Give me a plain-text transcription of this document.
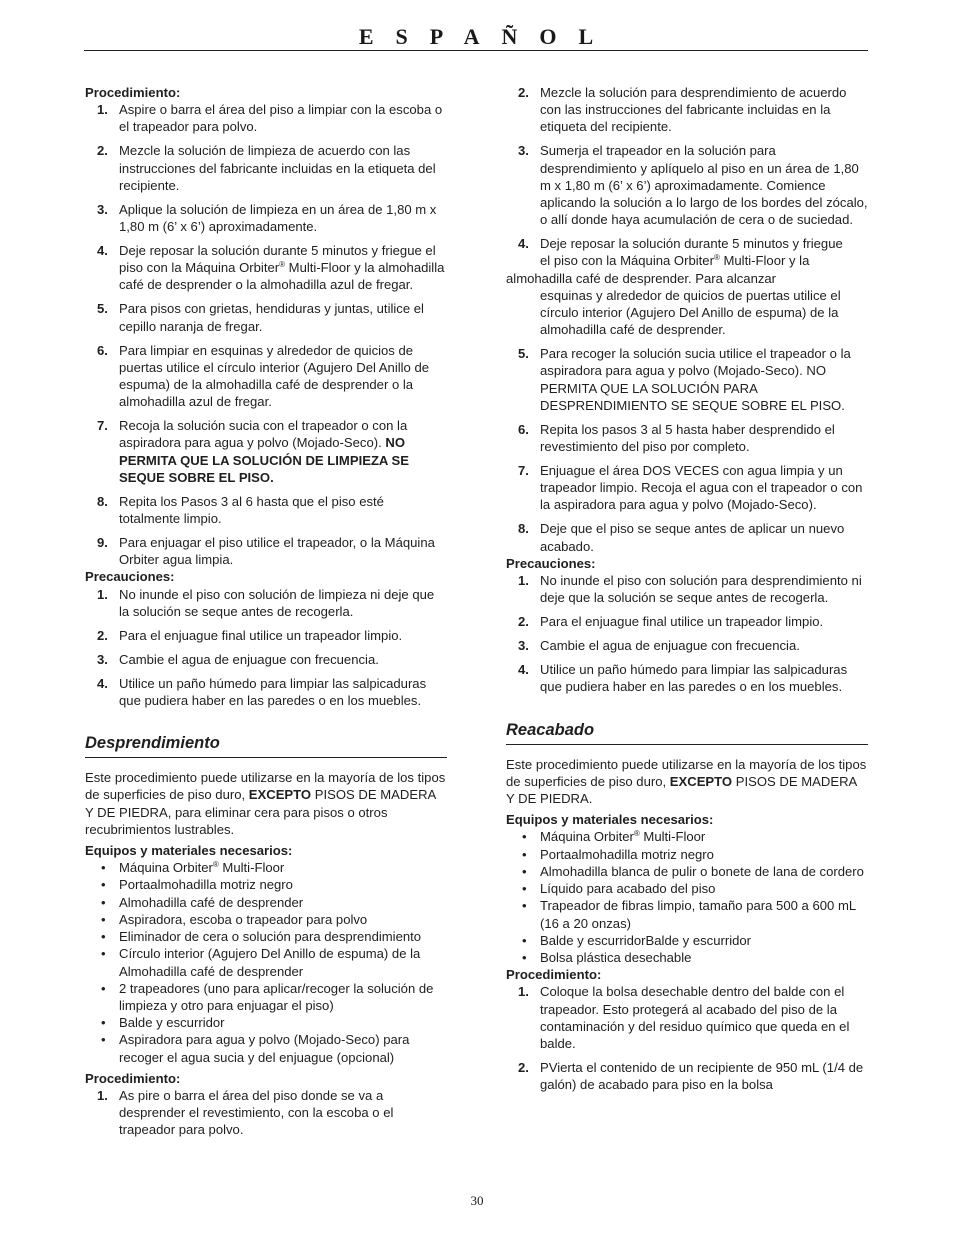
ESPAÑOL

Procedimiento:

1. Aspire o barra el área del piso a limpiar con la escoba o el trapeador para polvo.
2. Mezcle la solución de limpieza de acuerdo con las instrucciones del fabricante incluidas en la etiqueta del recipiente.
3. Aplique la solución de limpieza en un área de 1,80 m x 1,80 m (6’ x 6’) aproximadamente.
4. Deje reposar la solución durante 5 minutos y friegue el piso con la Máquina Orbiter® Multi-Floor y la almohadilla café de desprender o la almohadilla azul de fregar.
5. Para pisos con grietas, hendiduras y juntas, utilice el cepillo naranja de fregar.
6. Para limpiar en esquinas y alrededor de quicios de puertas utilice el círculo interior (Agujero Del Anillo de espuma) de la almohadilla café de desprender o la almohadilla azul de fregar.
7. Recoja la solución sucia con el trapeador o con la aspiradora para agua y polvo (Mojado-Seco). NO PERMITA QUE LA SOLUCIÓN DE LIMPIEZA SE SEQUE SOBRE EL PISO.
8. Repita los Pasos 3 al 6 hasta que el piso esté totalmente limpio.
9. Para enjuagar el piso utilice el trapeador, o la Máquina Orbiter agua limpia.

Precauciones:

1. No inunde el piso con solución de limpieza ni deje que la solución se seque antes de recogerla.
2. Para el enjuague final utilice un trapeador limpio.
3. Cambie el agua de enjuague con frecuencia.
4. Utilice un paño húmedo para limpiar las salpicaduras que pudiera haber en las paredes o en los muebles.
Desprendimiento

Este procedimiento puede utilizarse en la mayoría de los tipos de superficies de piso duro, EXCEPTO PISOS DE MADERA Y DE PIEDRA, para eliminar cera para pisos o otros recubrimientos lustrables.

Equipos y materiales necesarios:

• Máquina Orbiter® Multi-Floor
• Portaalmohadilla motriz negro
• Almohadilla café de desprender
• Aspiradora, escoba o trapeador para polvo
• Eliminador de cera o solución para desprendimiento
• Círculo interior (Agujero Del Anillo de espuma) de la Almohadilla café de desprender
• 2 trapeadores (uno para aplicar/recoger la solución de limpieza y otro para enjuagar el piso)
• Balde y escurridor
• Aspiradora para agua y polvo (Mojado-Seco) para recoger el agua sucia y del enjuague (opcional)

Procedimiento:

1. As pire o barra el área del piso donde se va a desprender el revestimiento, con la escoba o el trapeador para polvo.
2. Mezcle la solución para desprendimiento de acuerdo con las instrucciones del fabricante incluidas en la etiqueta del recipiente.
3. Sumerja el trapeador en la solución para desprendimiento y aplíquelo al piso en un área de 1,80 m x 1,80 m (6’ x 6’) aproximadamente. Comience aplicando la solución a lo largo de los bordes del zócalo, o allí donde haya acumulación de cera o de suciedad.
4. Deje reposar la solución durante 5 minutos y friegue
el piso con la Máquina Orbiter® Multi-Floor y la
almohadilla café de desprender. Para alcanzar
esquinas y alrededor de quicios de puertas utilice el círculo interior (Agujero Del Anillo de espuma) de la almohadilla café de desprender.
5. Para recoger la solución sucia utilice el trapeador o la aspiradora para agua y polvo (Mojado-Seco). NO PERMITA QUE LA SOLUCIÓN PARA DESPRENDIMIENTO SE SEQUE SOBRE EL PISO.
6. Repita los pasos 3 al 5 hasta haber desprendido el revestimiento del piso por completo.
7. Enjuague el área DOS VECES con agua limpia y un trapeador limpio. Recoja el agua con el trapeador o con la aspiradora para agua y polvo (Mojado-Seco).
8. Deje que el piso se seque antes de aplicar un nuevo acabado.

Precauciones:

1. No inunde el piso con solución para desprendimiento ni deje que la solución se seque antes de recogerla.
2. Para el enjuague final utilice un trapeador limpio.
3. Cambie el agua de enjuague con frecuencia.
4. Utilice un paño húmedo para limpiar las salpicaduras que pudiera haber en las paredes o en los muebles.
Reacabado

Este procedimiento puede utilizarse en la mayoría de los tipos de superficies de piso duro, EXCEPTO PISOS DE MADERA Y DE PIEDRA.

Equipos y materiales necesarios:

• Máquina Orbiter® Multi-Floor
• Portaalmohadilla motriz negro
• Almohadilla blanca de pulir o bonete de lana de cordero
• Líquido para acabado del piso
• Trapeador de fibras limpio, tamaño para 500 a 600 mL (16 a 20 onzas)
• Balde y escurridorBalde y escurridor
• Bolsa plástica desechable

Procedimiento:

1. Coloque la bolsa desechable dentro del balde con el trapeador. Esto protegerá al acabado del piso de la contaminación y del residuo químico que queda en el balde.
2. PVierta el contenido de un recipiente de 950 mL (1/4 de galón) de acabado para piso en la bolsa
30
